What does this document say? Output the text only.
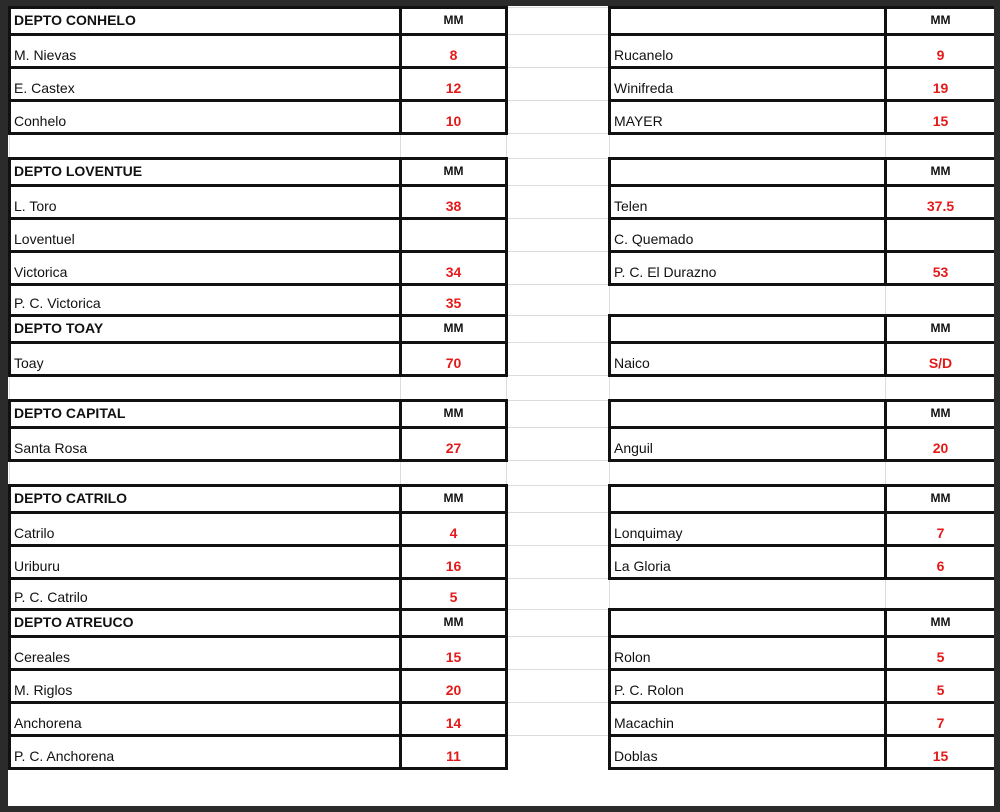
DEPTO CONHELO	MM			MM
M. Nievas	8		Rucanelo	9
E. Castex	12		Winifreda	19
Conhelo	10		MAYER	15

DEPTO LOVENTUE	MM			MM
L. Toro	38		Telen	37.5
Loventuel			C. Quemado	
Victorica	34		P. C. El Durazno	53
P. C. Victorica	35			
DEPTO TOAY	MM			MM
Toay	70		Naico	S/D

DEPTO CAPITAL	MM			MM
Santa Rosa	27		Anguil	20

DEPTO CATRILO	MM			MM
Catrilo	4		Lonquimay	7
Uriburu	16		La Gloria	6
P. C. Catrilo	5			
DEPTO ATREUCO	MM			MM
Cereales	15		Rolon	5
M. Riglos	20		P. C. Rolon	5
Anchorena	14		Macachin	7
P. C. Anchorena	11		Doblas	15
